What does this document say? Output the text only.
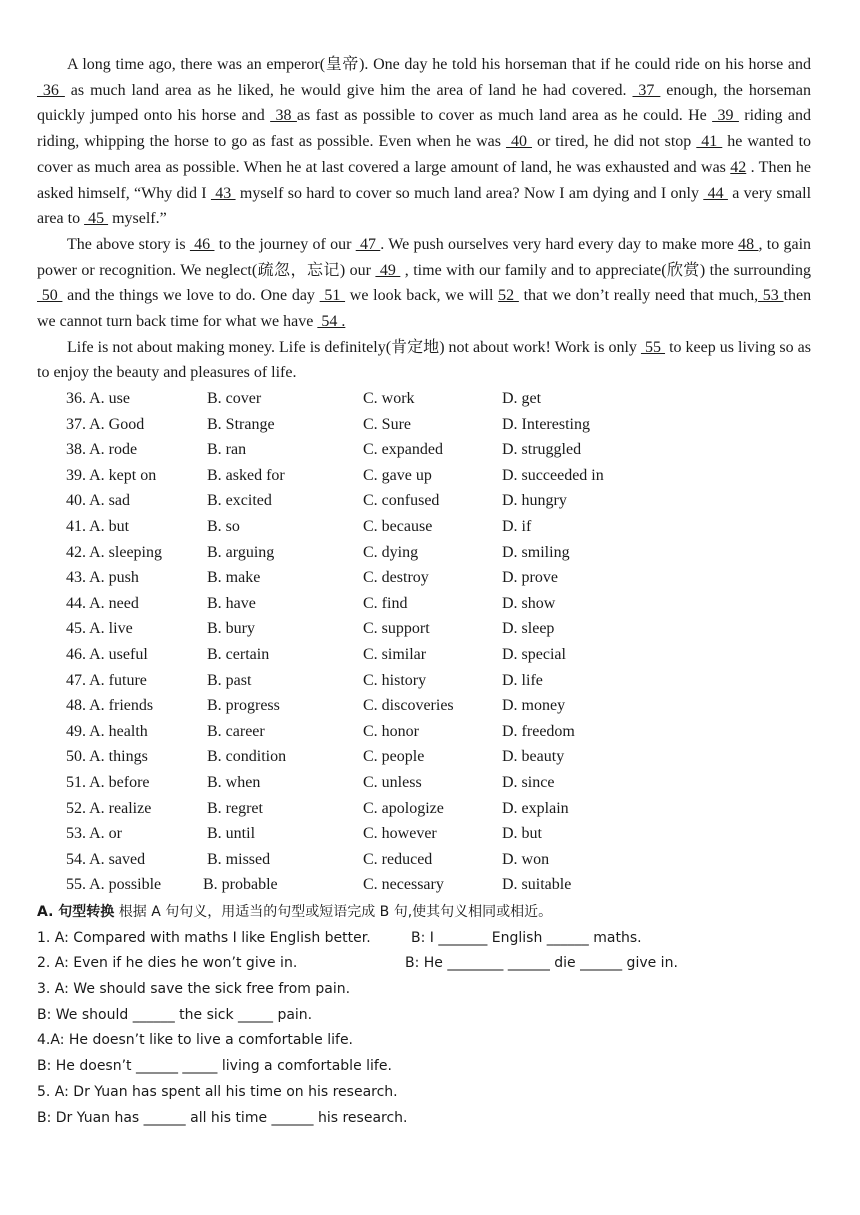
A long time ago, there was an emperor(皇帝). One day he told his horseman that if he could ride on his horse and  36  as much land area as he liked, he would give him the area of land he had covered.  37  enough, the horseman quickly jumped onto his horse and  38 as fast as possible to cover as much land area as he could. He  39  riding and riding, whipping the horse to go as fast as possible. Even when he was  40  or tired, he did not stop  41  he wanted to cover as much area as possible. When he at last covered a large amount of land, he was exhausted and was 42 . Then he asked himself, “Why did I  43  myself so hard to cover so much land area? Now I am dying and I only  44  a very small area to  45  myself.”

The above story is  46  to the journey of our  47 . We push ourselves very hard every day to make more 48 , to gain power or recognition. We neglect(疏忽，忘记) our  49  , time with our family and to appreciate(欣赏) the surrounding  50  and the things we love to do. One day  51  we look back, we will 52  that we don’t really need that much, 53 then we cannot turn back time for what we have  54 .

Life is not about making money. Life is definitely(肯定地) not about work! Work is only  55  to keep us living so as to enjoy the beauty and pleasures of life.

36. A. use	B. cover	C. work	D. get
37. A. Good	B. Strange	C. Sure	D. Interesting
38. A. rode	B. ran	C. expanded	D. struggled
39. A. kept on	B. asked for	C. gave up	D. succeeded in
40. A. sad	B. excited	C. confused	D. hungry
41. A. but	B. so	C. because	D. if
42. A. sleeping	B. arguing	C. dying	D. smiling
43. A. push	B. make	C. destroy	D. prove
44. A. need	B. have	C. find	D. show
45. A. live	B. bury	C. support	D. sleep
46. A. useful	B. certain	C. similar	D. special
47. A. future	B. past	C. history	D. life
48. A. friends	B. progress	C. discoveries	D. money
49. A. health	B. career	C. honor	D. freedom
50. A. things	B. condition	C. people	D. beauty
51. A. before	B. when	C. unless	D. since
52. A. realize	B. regret	C. apologize	D. explain
53. A. or	B. until	C. however	D. but
54. A. saved	B. missed	C. reduced	D. won
55. A. possible	B. probable	C. necessary	D. suitable
A. 句型转换 根据 A 句句义，用适当的句型或短语完成 B 句,使其句义相同或相近。
1. A: Compared with maths I like English better.	B: I _______ English ______ maths.
2. A: Even if he dies he won’t give in.	B: He ________ ______ die ______ give in.
3. A: We should save the sick free from pain.
B: We should ______ the sick _____ pain.
4.A: He doesn’t like to live a comfortable life.
B: He doesn’t ______ _____ living a comfortable life.
5. A: Dr Yuan has spent all his time on his research.
B: Dr Yuan has ______ all his time ______ his research.
